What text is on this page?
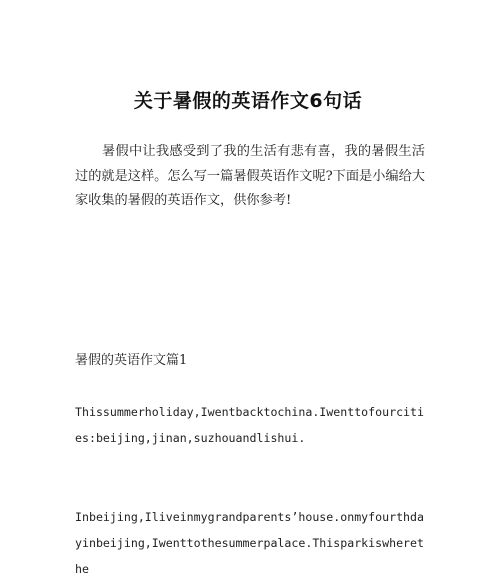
关于暑假的英语作文6句话
暑假中让我感受到了我的生活有悲有喜，我的暑假生活过的就是这样。怎么写一篇暑假英语作文呢?下面是小编给大家收集的暑假的英语作文，供你参考!
暑假的英语作文篇1
Thissummerholiday,Iwentbacktochina.Iwenttofourcities:beijing,jinan,suzhouandlishui.
Inbeijing,Iliveinmygrandparents’house.onmyfourthdayinbeijing,Iwenttothesummerpalace.Thisparkiswherethe
